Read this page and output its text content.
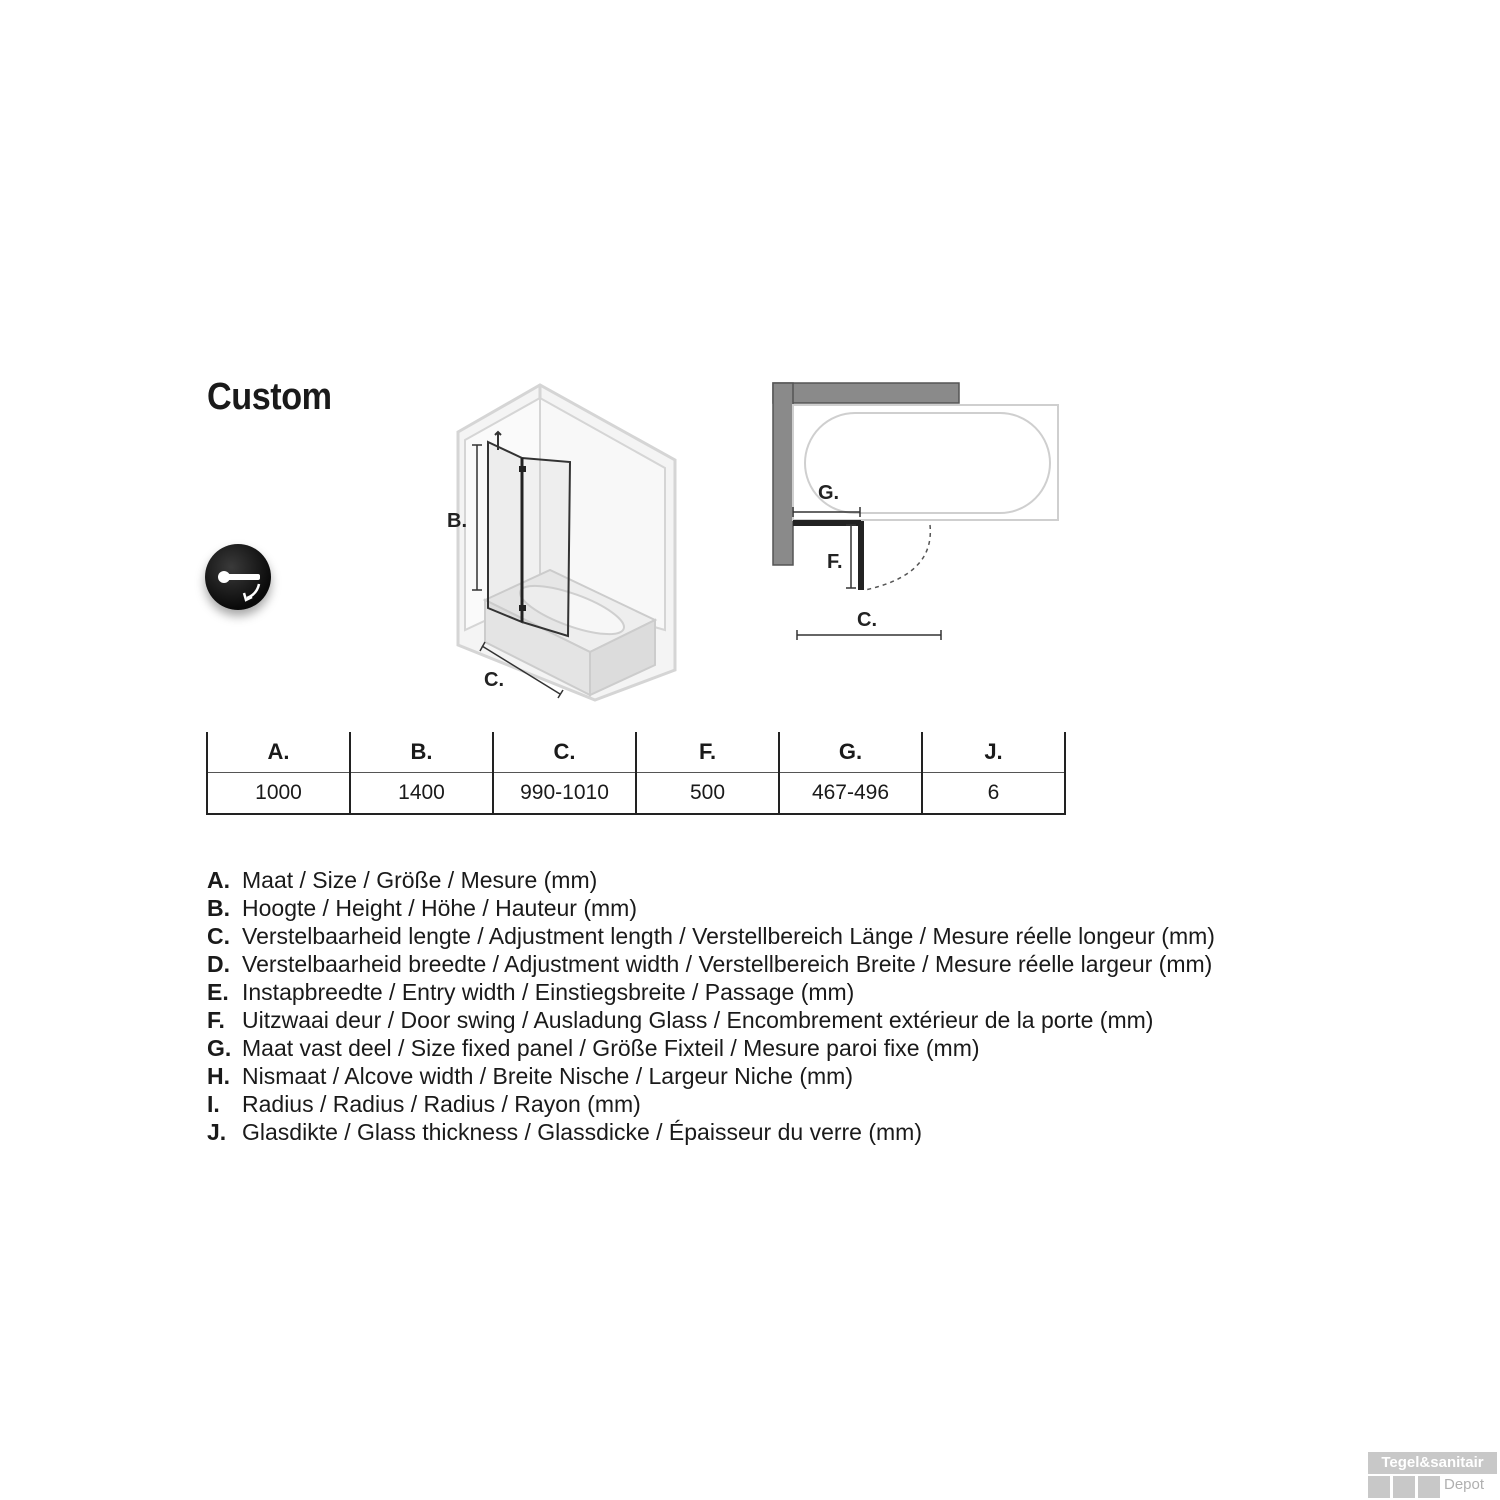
Custom
B.
C.
G.
F.
C.
A.	B.	C.	F.	G.	J.
1000	1400	990-1010	500	467-496	6
A. Maat / Size / Größe / Mesure (mm)
B. Hoogte / Height / Höhe / Hauteur (mm)
C. Verstelbaarheid lengte / Adjustment length / Verstellbereich Länge / Mesure réelle longeur (mm)
D. Verstelbaarheid breedte / Adjustment width / Verstellbereich Breite / Mesure réelle largeur (mm)
E. Instapbreedte / Entry width / Einstiegsbreite / Passage (mm)
F. Uitzwaai deur / Door swing / Ausladung Glass / Encombrement extérieur de la porte (mm)
G. Maat vast deel / Size fixed panel / Größe Fixteil / Mesure paroi fixe (mm)
H. Nismaat / Alcove width / Breite Nische / Largeur Niche (mm)
I. Radius / Radius / Radius / Rayon (mm)
J. Glasdikte / Glass thickness / Glassdicke / Épaisseur du verre (mm)
Tegel&sanitair
Depot
